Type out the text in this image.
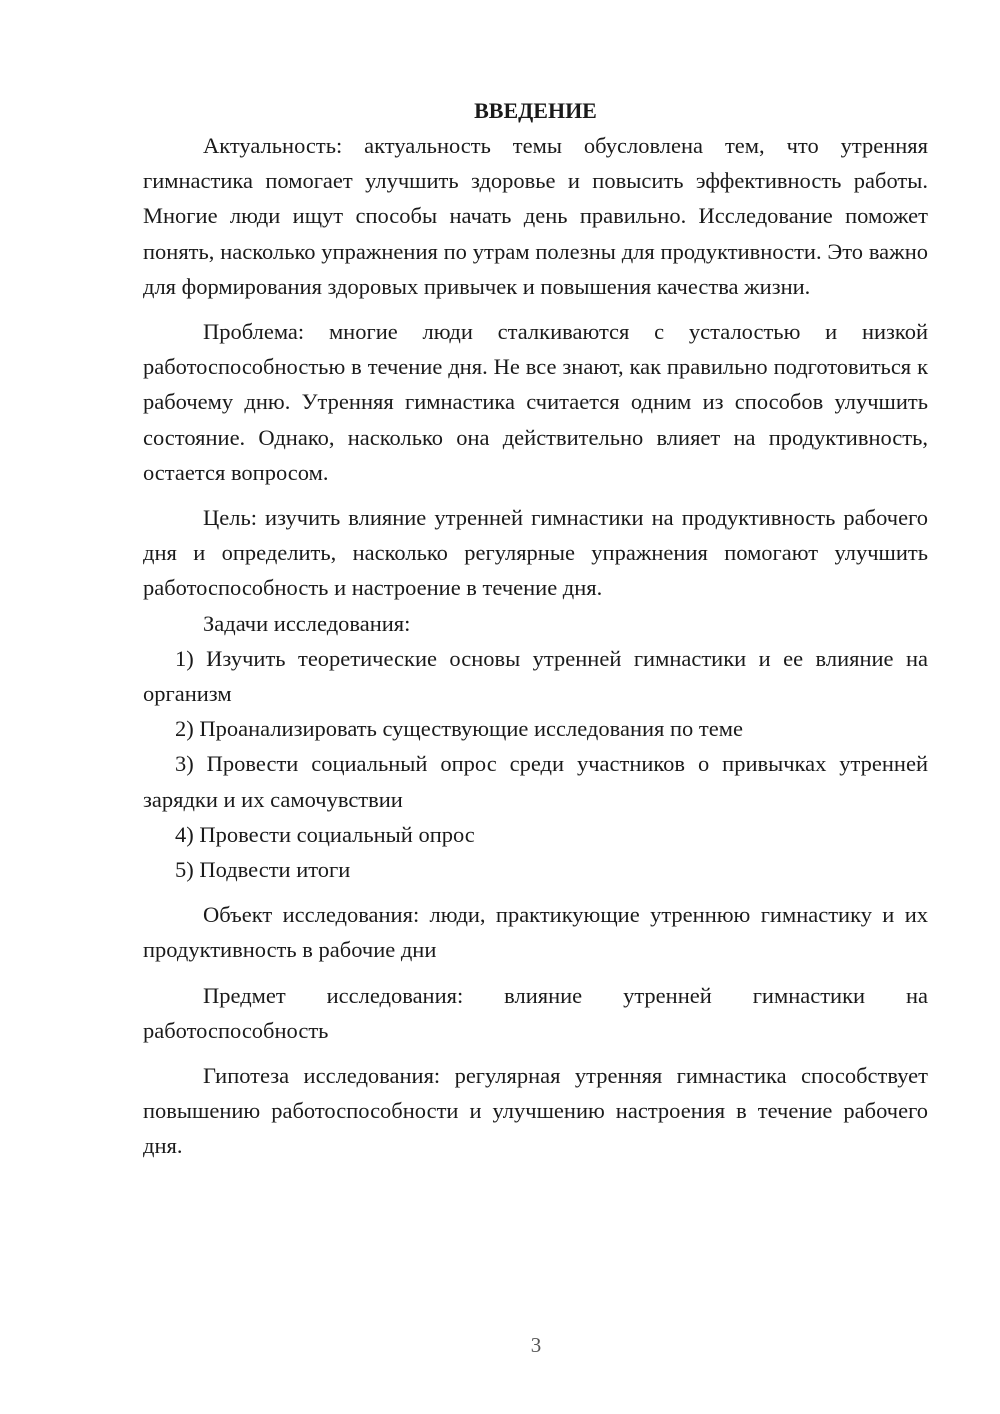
ВВЕДЕНИЕ

Актуальность: актуальность темы обусловлена тем, что утренняя гимнастика помогает улучшить здоровье и повысить эффективность работы. Многие люди ищут способы начать день правильно. Исследование поможет понять, насколько упражнения по утрам полезны для продуктивности. Это важно для формирования здоровых привычек и повышения качества жизни.

Проблема: многие люди сталкиваются с усталостью и низкой работоспособностью в течение дня. Не все знают, как правильно подготовиться к рабочему дню. Утренняя гимнастика считается одним из способов улучшить состояние. Однако, насколько она действительно влияет на продуктивность, остается вопросом.

Цель: изучить влияние утренней гимнастики на продуктивность рабочего дня и определить, насколько регулярные упражнения помогают улучшить работоспособность и настроение в течение дня.

Задачи исследования:

1) Изучить теоретические основы утренней гимнастики и ее влияние на организм

2) Проанализировать существующие исследования по теме

3) Провести социальный опрос среди участников о привычках утренней зарядки и их самочувствии

4) Провести социальный опрос

5) Подвести итоги

Объект исследования: люди, практикующие утреннюю гимнастику и их продуктивность в рабочие дни

Предмет исследования: влияние утренней гимнастики на работоспособность

Гипотеза исследования: регулярная утренняя гимнастика способствует повышению работоспособности и улучшению настроения в течение рабочего дня.

3
